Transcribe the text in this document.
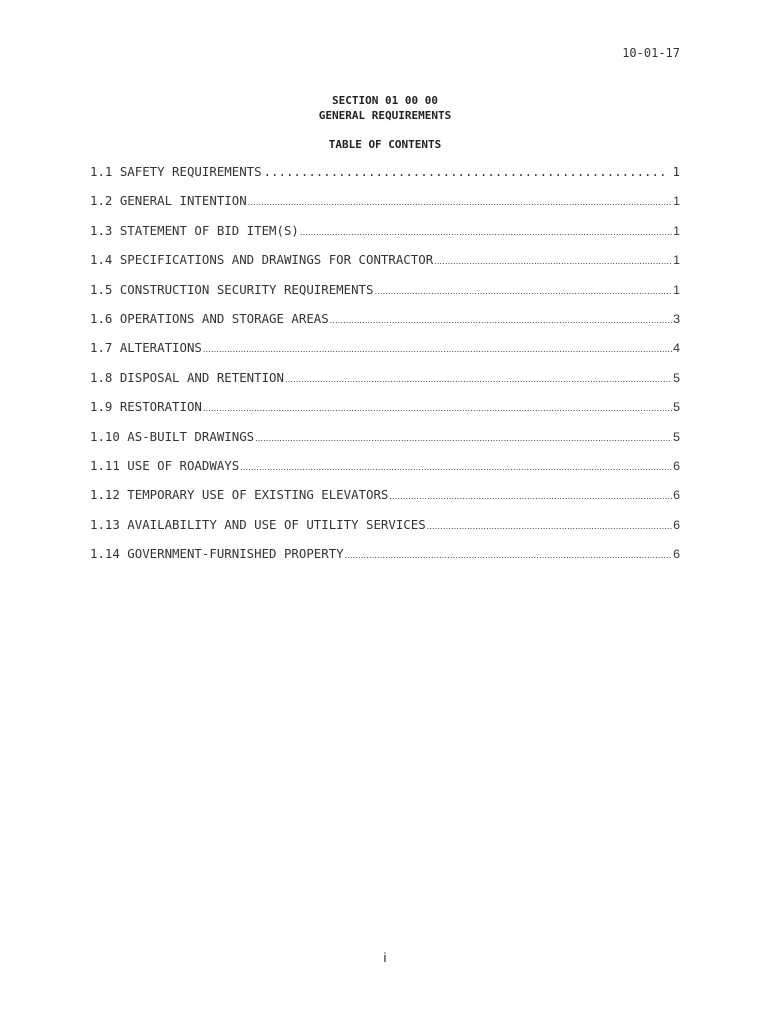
10-01-17
SECTION 01 00 00
GENERAL REQUIREMENTS
TABLE OF CONTENTS
1.1 SAFETY REQUIREMENTS .....	1
1.2 GENERAL INTENTION .....	1
1.3 STATEMENT OF BID ITEM(S) .....	1
1.4 SPECIFICATIONS AND DRAWINGS FOR CONTRACTOR .....	1
1.5 CONSTRUCTION SECURITY REQUIREMENTS .....	1
1.6 OPERATIONS AND STORAGE AREAS .....	3
1.7 ALTERATIONS .....	4
1.8 DISPOSAL AND RETENTION .....	5
1.9 RESTORATION .....	5
1.10 AS-BUILT DRAWINGS .....	5
1.11 USE OF ROADWAYS .....	6
1.12 TEMPORARY USE OF EXISTING ELEVATORS .....	6
1.13 AVAILABILITY AND USE OF UTILITY SERVICES .....	6
1.14 GOVERNMENT-FURNISHED PROPERTY .....	6
i
